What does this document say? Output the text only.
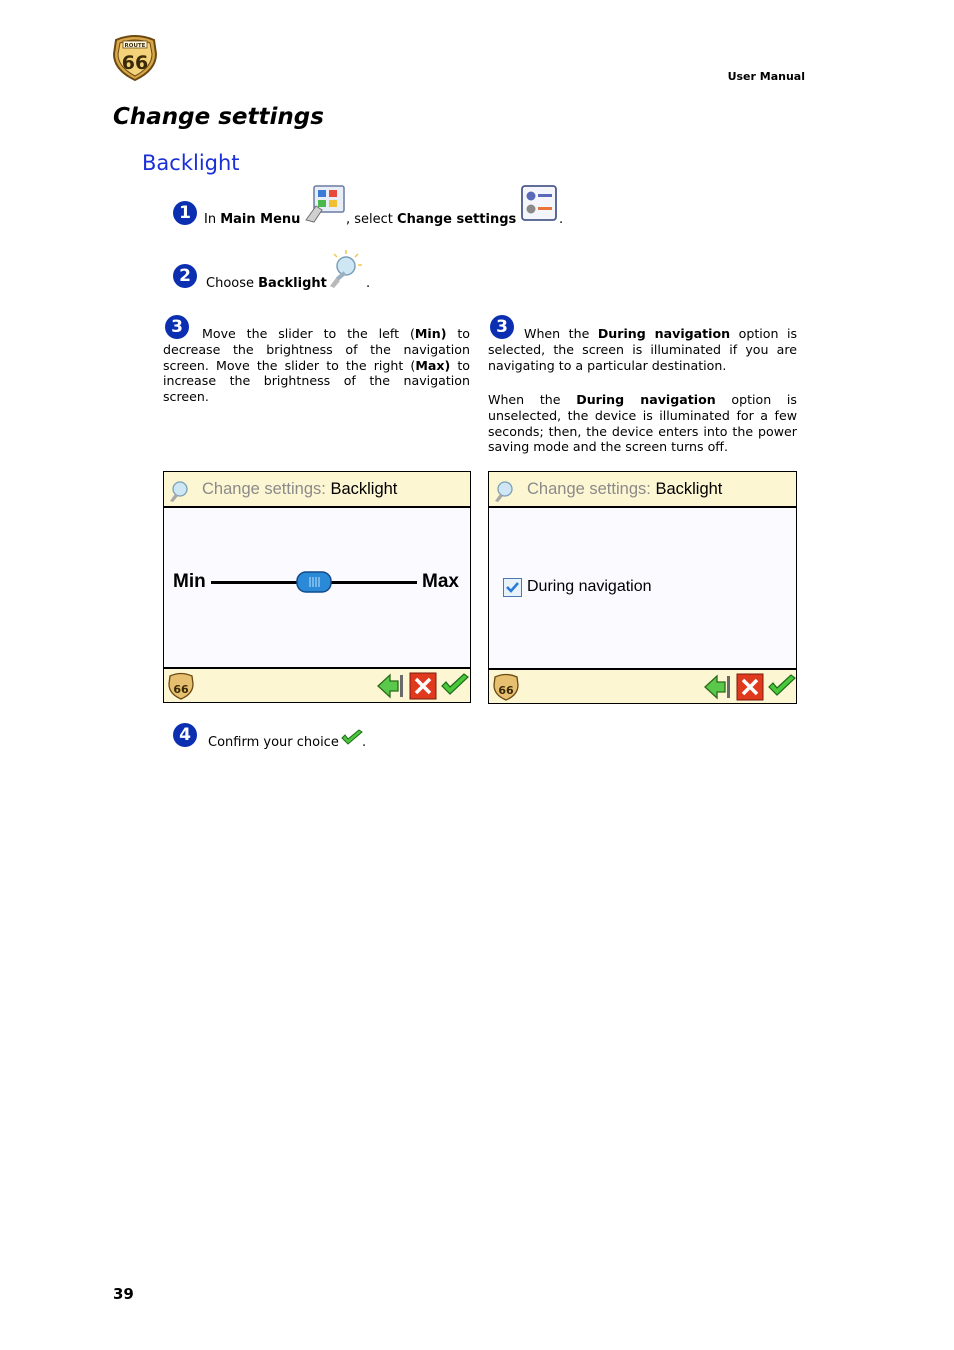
ROUTE
66
User Manual
Change settings
Backlight
1	In Main Menu	, select Change settings	.
2	Choose Backlight	.
3	Move the slider to the left (Min) to decrease the brightness of the navigation screen. Move the slider to the right (Max) to increase the brightness of the navigation screen.
3	When the During navigation option is selected, the screen is illuminated if you are navigating to a particular destination.
When the During navigation option is unselected, the device is illuminated for a few seconds; then, the device enters into the power saving mode and the screen turns off.
Change settings: Backlight
Min	Max
66
Change settings: Backlight
During navigation
66
4	Confirm your choice .
39
